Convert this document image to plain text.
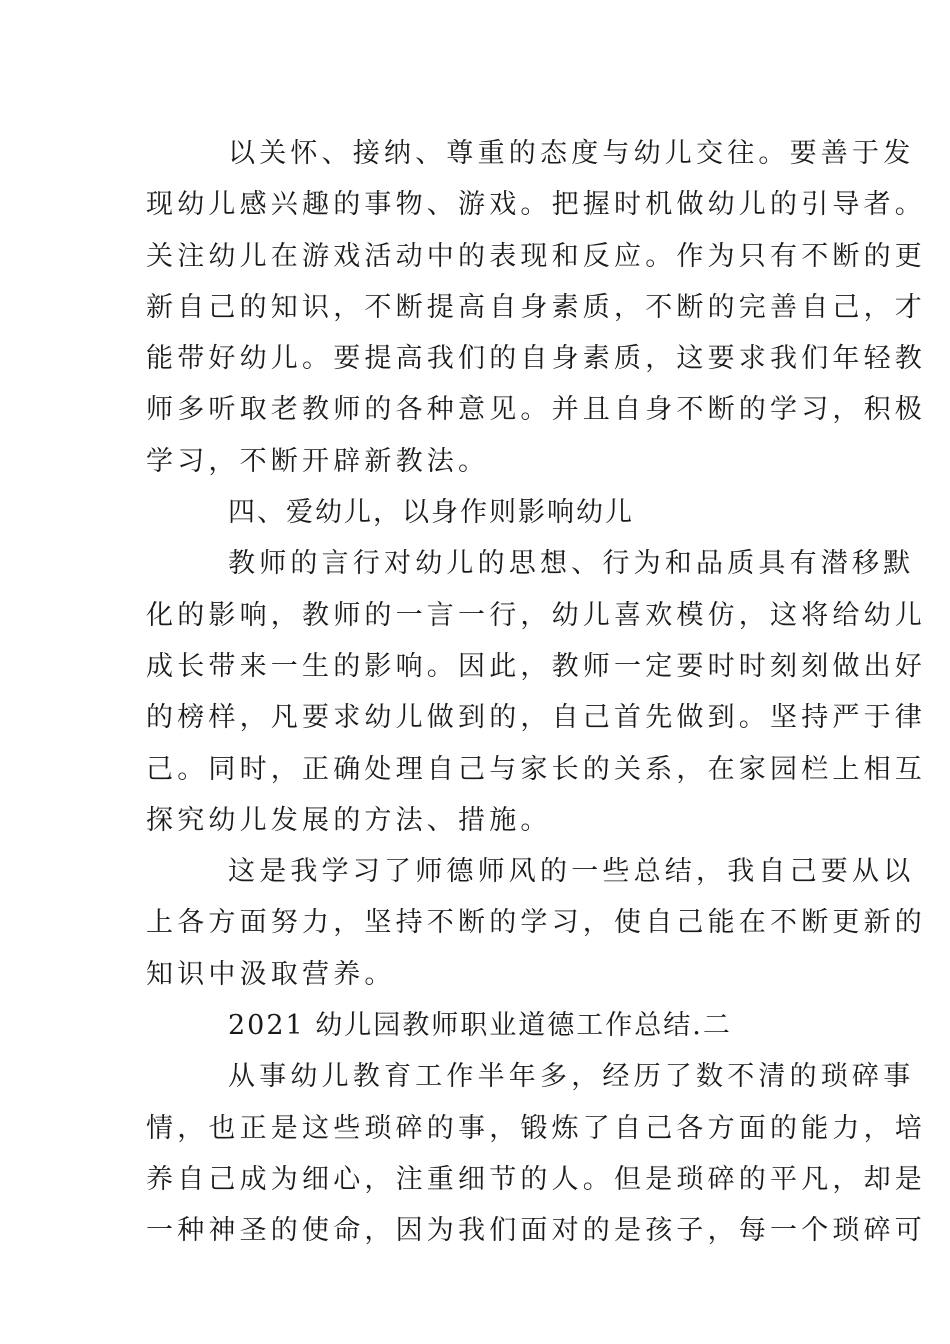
以关怀、接纳、尊重的态度与幼儿交往。要善于发
现幼儿感兴趣的事物、游戏。把握时机做幼儿的引导者。
关注幼儿在游戏活动中的表现和反应。作为只有不断的更
新自己的知识，不断提高自身素质，不断的完善自己，才
能带好幼儿。要提高我们的自身素质，这要求我们年轻教
师多听取老教师的各种意见。并且自身不断的学习，积极
学习，不断开辟新教法。
四、爱幼儿，以身作则影响幼儿
教师的言行对幼儿的思想、行为和品质具有潜移默
化的影响，教师的一言一行，幼儿喜欢模仿，这将给幼儿
成长带来一生的影响。因此，教师一定要时时刻刻做出好
的榜样，凡要求幼儿做到的，自己首先做到。坚持严于律
己。同时，正确处理自己与家长的关系，在家园栏上相互
探究幼儿发展的方法、措施。
这是我学习了师德师风的一些总结，我自己要从以
上各方面努力，坚持不断的学习，使自己能在不断更新的
知识中汲取营养。
2021 幼儿园教师职业道德工作总结.二
从事幼儿教育工作半年多，经历了数不清的琐碎事
情，也正是这些琐碎的事，锻炼了自己各方面的能力，培
养自己成为细心，注重细节的人。但是琐碎的平凡，却是
一种神圣的使命，因为我们面对的是孩子，每一个琐碎可
